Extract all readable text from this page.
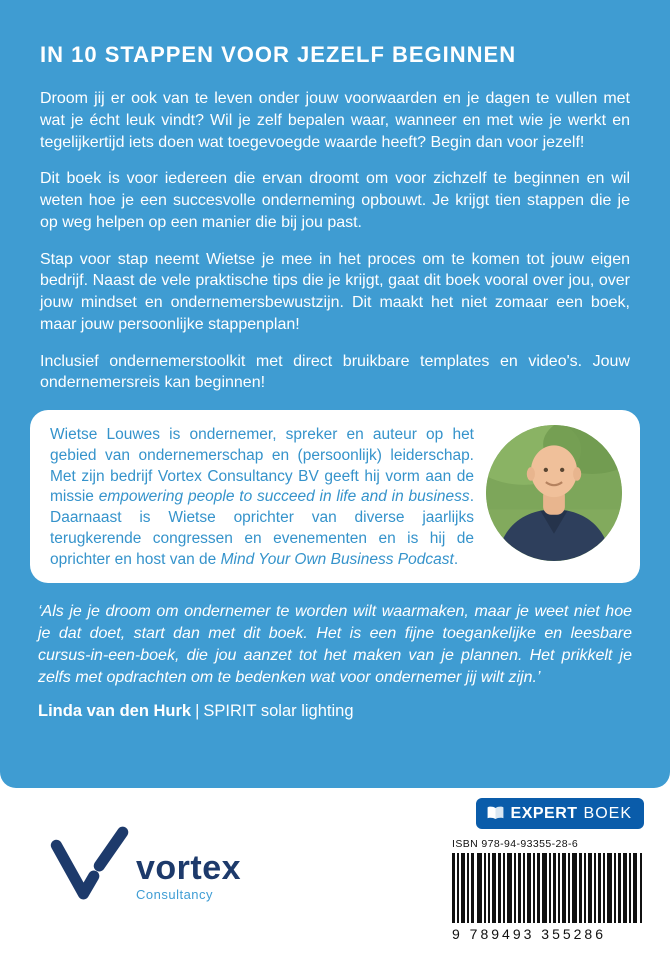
IN 10 STAPPEN VOOR JEZELF BEGINNEN

Droom jij er ook van te leven onder jouw voorwaarden en je dagen te vullen met wat je écht leuk vindt? Wil je zelf bepalen waar, wanneer en met wie je werkt en tegelijkertijd iets doen wat toegevoegde waarde heeft? Begin dan voor jezelf!

Dit boek is voor iedereen die ervan droomt om voor zichzelf te beginnen en wil weten hoe je een succesvolle onderneming opbouwt. Je krijgt tien stappen die je op weg helpen op een manier die bij jou past.

Stap voor stap neemt Wietse je mee in het proces om te komen tot jouw eigen bedrijf. Naast de vele praktische tips die je krijgt, gaat dit boek vooral over jou, over jouw mindset en ondernemersbewustzijn. Dit maakt het niet zomaar een boek, maar jouw persoonlijke stappenplan!

Inclusief ondernemerstoolkit met direct bruikbare templates en video's. Jouw ondernemersreis kan beginnen!

Wietse Louwes is ondernemer, spreker en auteur op het gebied van ondernemerschap en (persoonlijk) leiderschap. Met zijn bedrijf Vortex Consultancy BV geeft hij vorm aan de missie empowering people to succeed in life and in business. Daarnaast is Wietse oprichter van diverse jaarlijks terugkerende congressen en evenementen en is hij de oprichter en host van de Mind Your Own Business Podcast.

‘Als je je droom om ondernemer te worden wilt waarmaken, maar je weet niet hoe je dat doet, start dan met dit boek. Het is een fijne toegankelijke en leesbare cursus-in-een-boek, die jou aanzet tot het maken van je plannen. Het prikkelt je zelfs met opdrachten om te bedenken wat voor ondernemer jij wilt zijn.’

Linda van den Hurk | SPIRIT solar lighting

vortex
Consultancy
EXPERT BOEK
ISBN 978-94-93355-28-6
9 789493 355286
